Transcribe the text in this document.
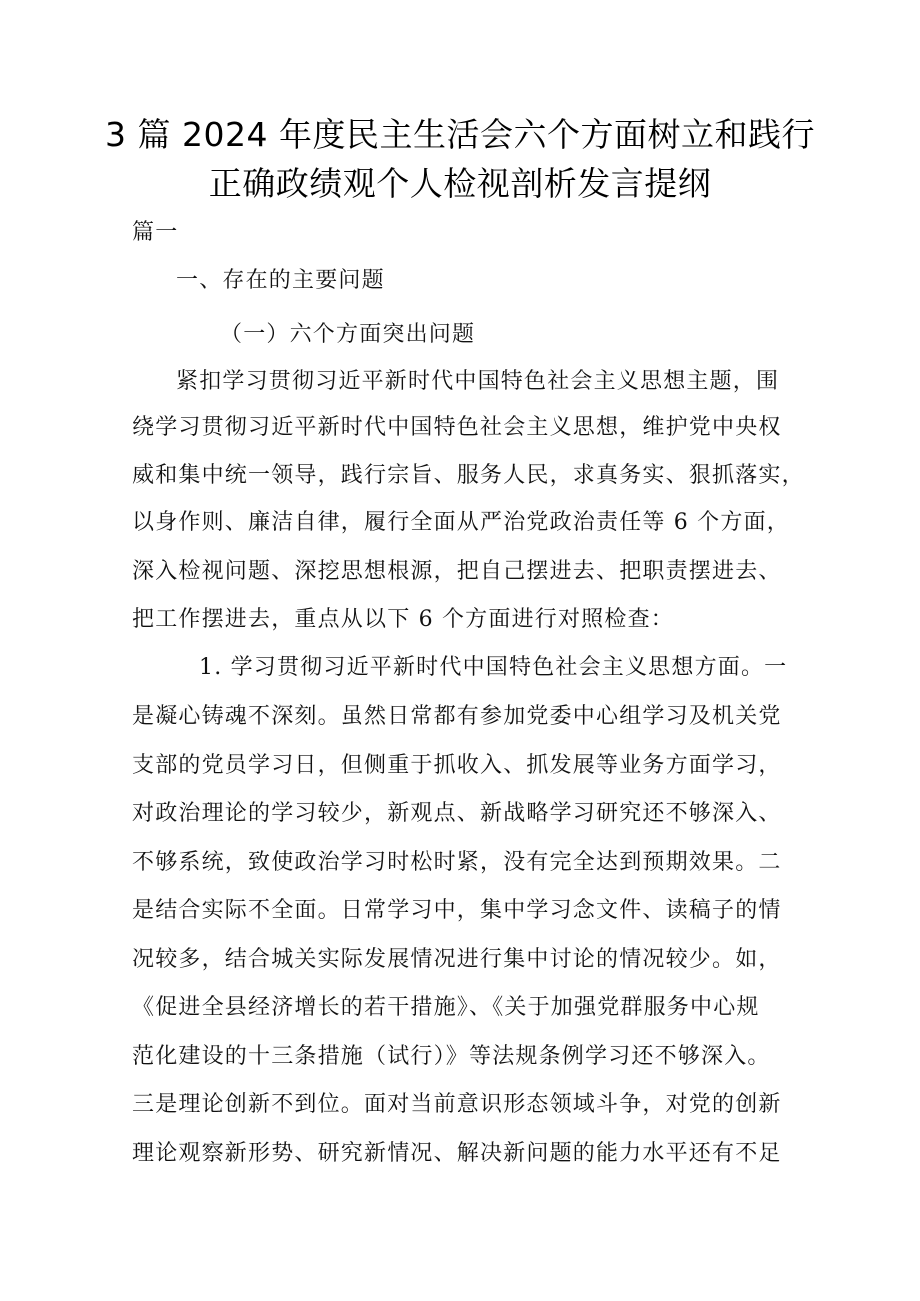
3 篇 2024 年度民主生活会六个方面树立和践行
正确政绩观个人检视剖析发言提纲
篇一
一、存在的主要问题
（一）六个方面突出问题
紧扣学习贯彻习近平新时代中国特色社会主义思想主题，围
绕学习贯彻习近平新时代中国特色社会主义思想，维护党中央权
威和集中统一领导，践行宗旨、服务人民，求真务实、狠抓落实，
以身作则、廉洁自律，履行全面从严治党政治责任等 6 个方面，
深入检视问题、深挖思想根源，把自己摆进去、把职责摆进去、
把工作摆进去，重点从以下 6 个方面进行对照检查：
1. 学习贯彻习近平新时代中国特色社会主义思想方面。一
是凝心铸魂不深刻。虽然日常都有参加党委中心组学习及机关党
支部的党员学习日，但侧重于抓收入、抓发展等业务方面学习，
对政治理论的学习较少，新观点、新战略学习研究还不够深入、
不够系统，致使政治学习时松时紧，没有完全达到预期效果。二
是结合实际不全面。日常学习中，集中学习念文件、读稿子的情
况较多，结合城关实际发展情况进行集中讨论的情况较少。如，
《促进全县经济增长的若干措施》、《关于加强党群服务中心规
范化建设的十三条措施（试行）》等法规条例学习还不够深入。
三是理论创新不到位。面对当前意识形态领域斗争，对党的创新
理论观察新形势、研究新情况、解决新问题的能力水平还有不足
